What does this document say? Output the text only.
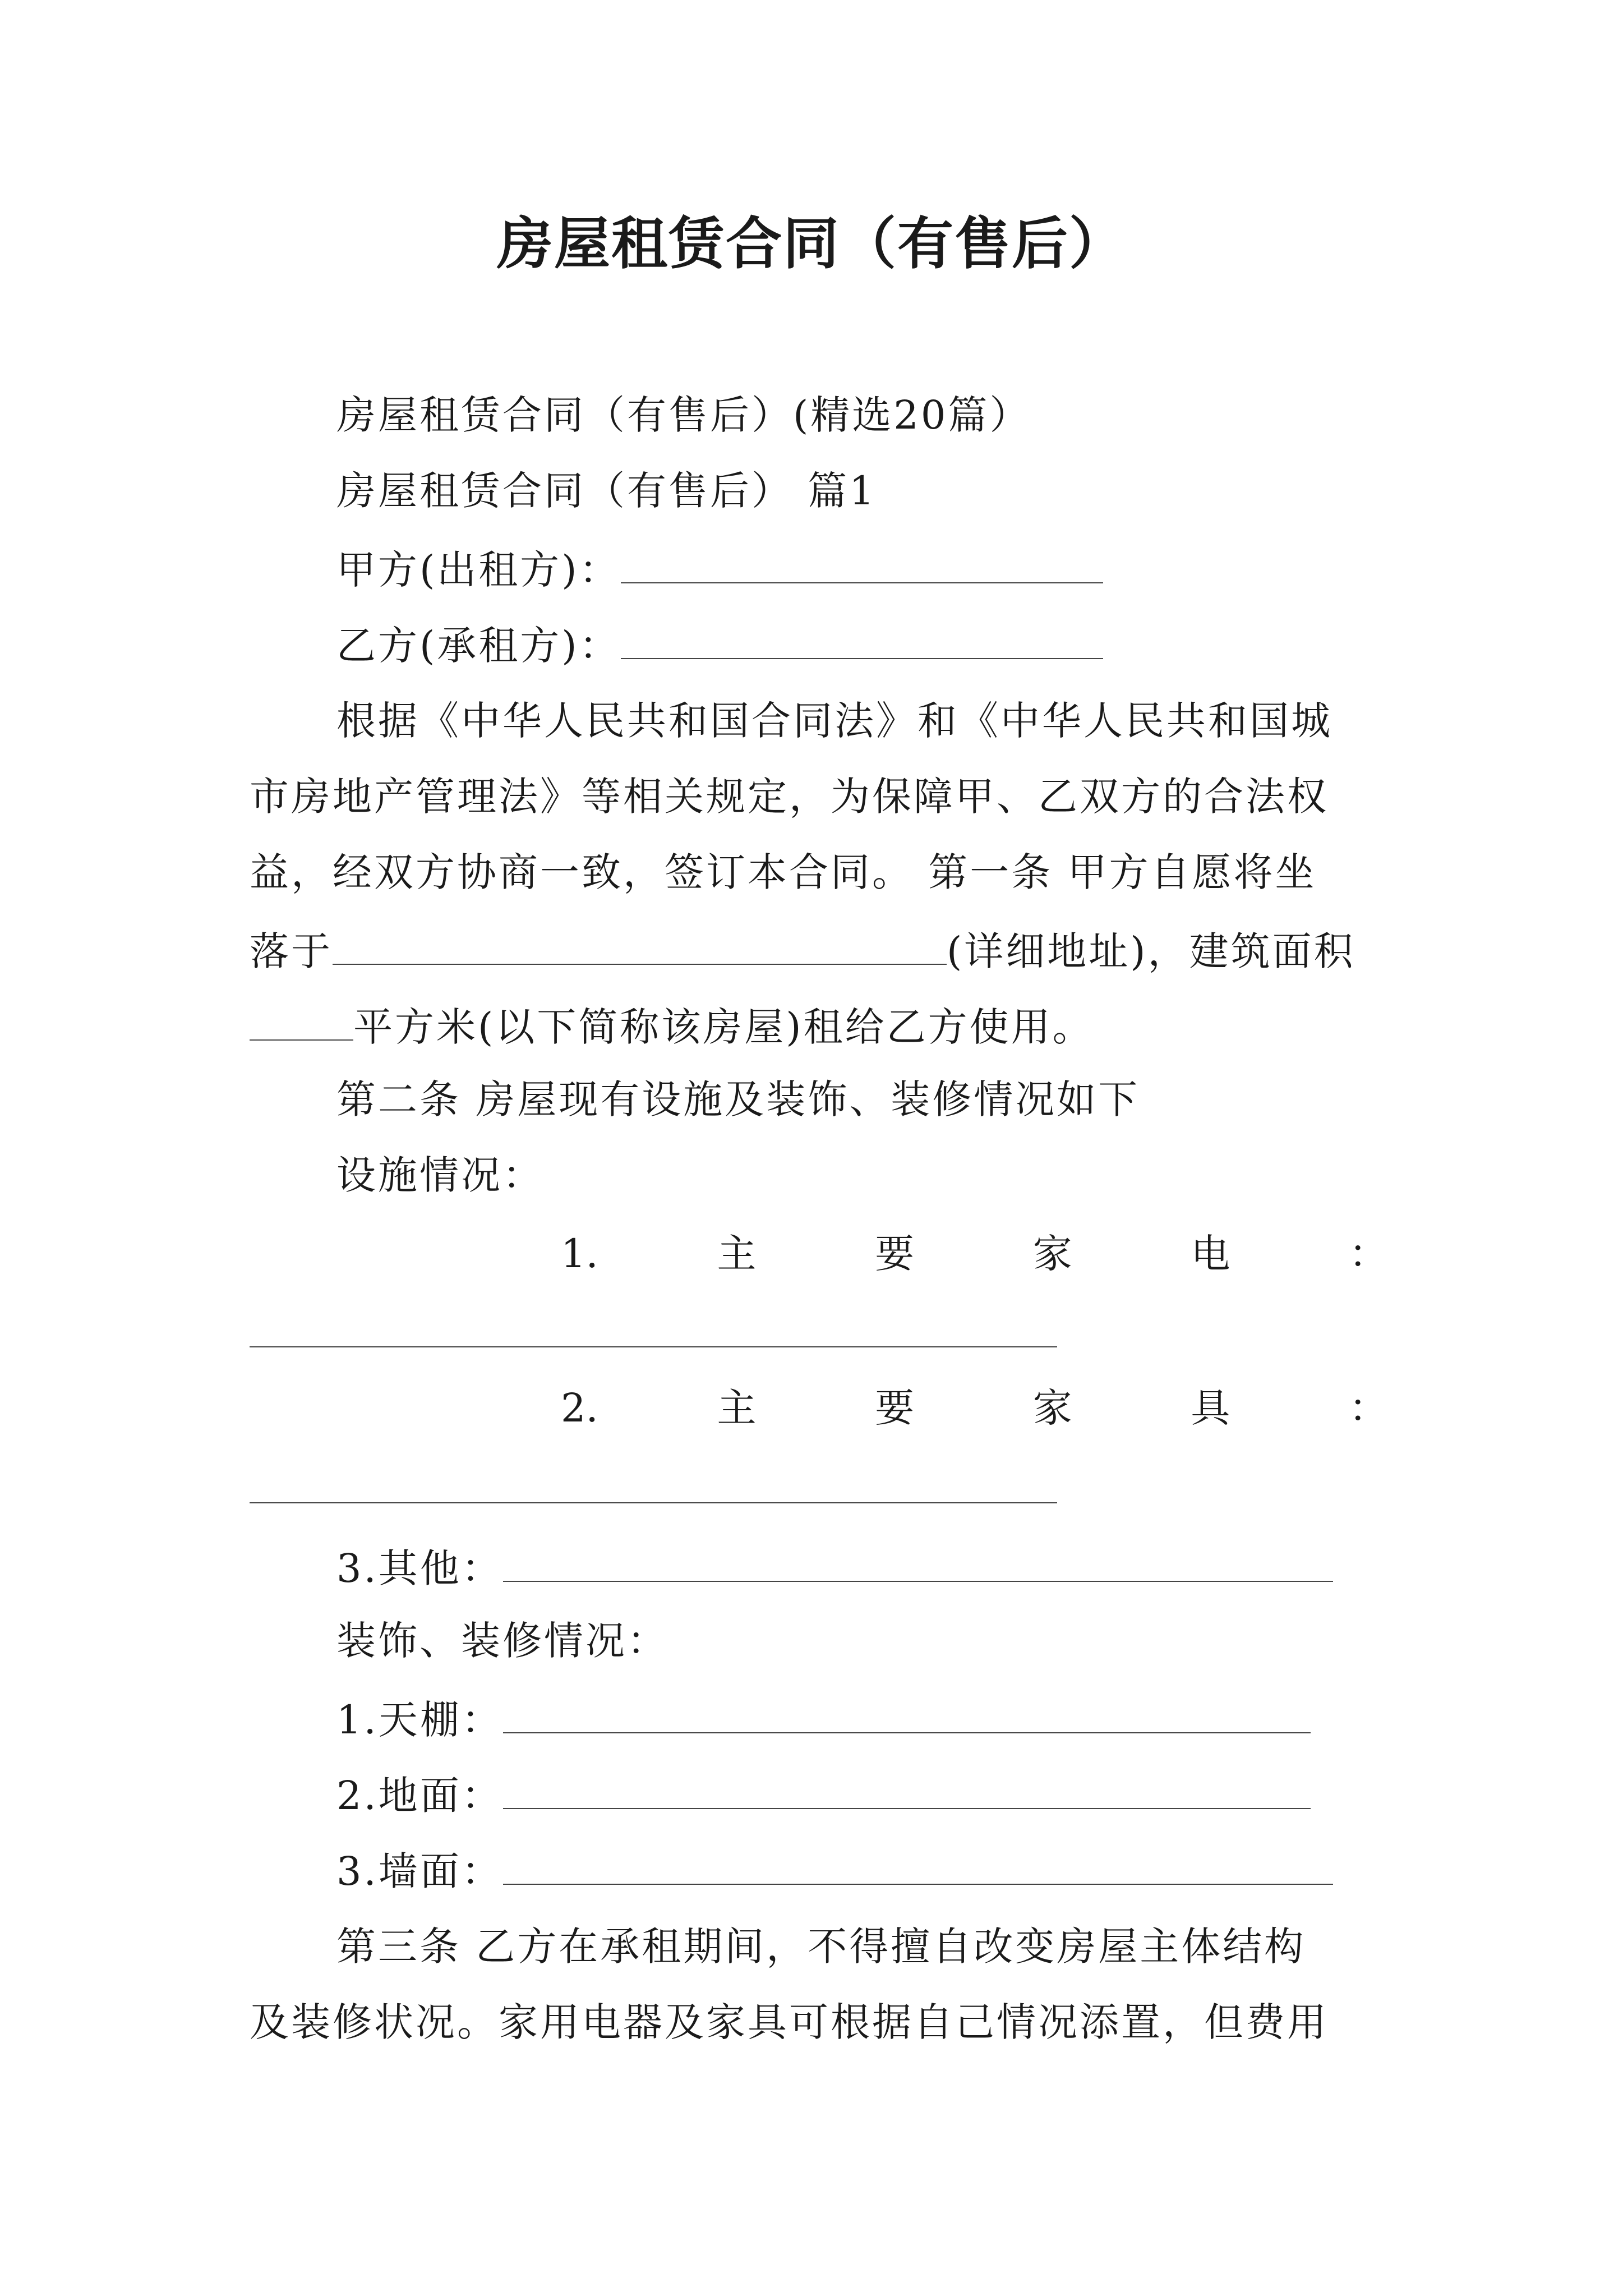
房屋租赁合同（有售后）
房屋租赁合同（有售后）(精选20篇）
房屋租赁合同（有售后） 篇1
甲方(出租方)：
乙方(承租方)：
根据《中华人民共和国合同法》和《中华人民共和国城
市房地产管理法》等相关规定，为保障甲、乙双方的合法权
益，经双方协商一致，签订本合同。 第一条 甲方自愿将坐
落于	(详细地址)，建筑面积
平方米(以下简称该房屋)租给乙方使用。
第二条 房屋现有设施及装饰、装修情况如下
设施情况：
1.	主	要	家	电	：
2.	主	要	家	具	：
3.其他：
装饰、装修情况：
1.天棚：
2.地面：
3.墙面：
第三条 乙方在承租期间，不得擅自改变房屋主体结构
及装修状况。家用电器及家具可根据自己情况添置，但费用
